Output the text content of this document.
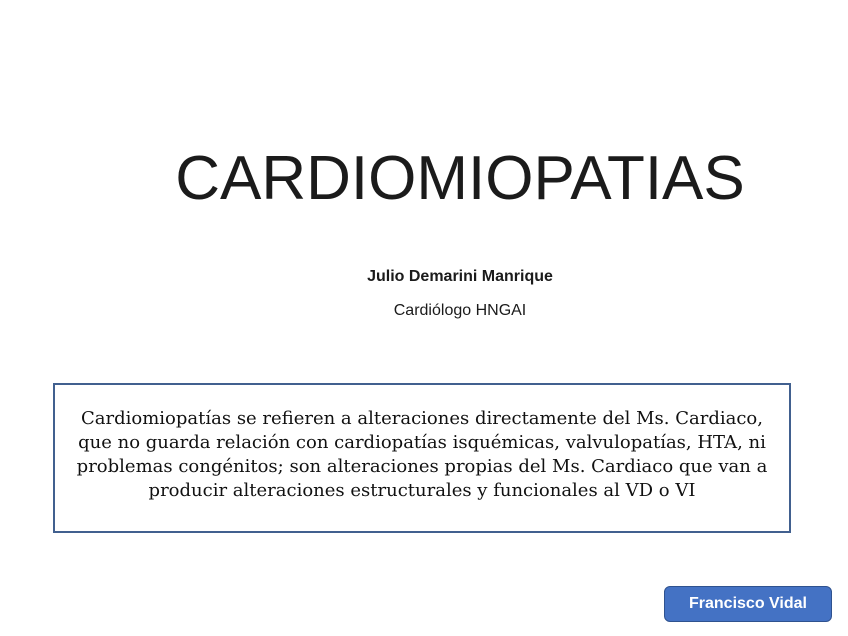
CARDIOMIOPATIAS
Julio Demarini Manrique
Cardiólogo HNGAI

Cardiomiopatías se refieren a alteraciones directamente del Ms. Cardiaco, que no guarda relación con cardiopatías isquémicas, valvulopatías, HTA, ni problemas congénitos; son alteraciones propias del Ms. Cardiaco que van a producir alteraciones estructurales y funcionales al VD o VI

Francisco Vidal
